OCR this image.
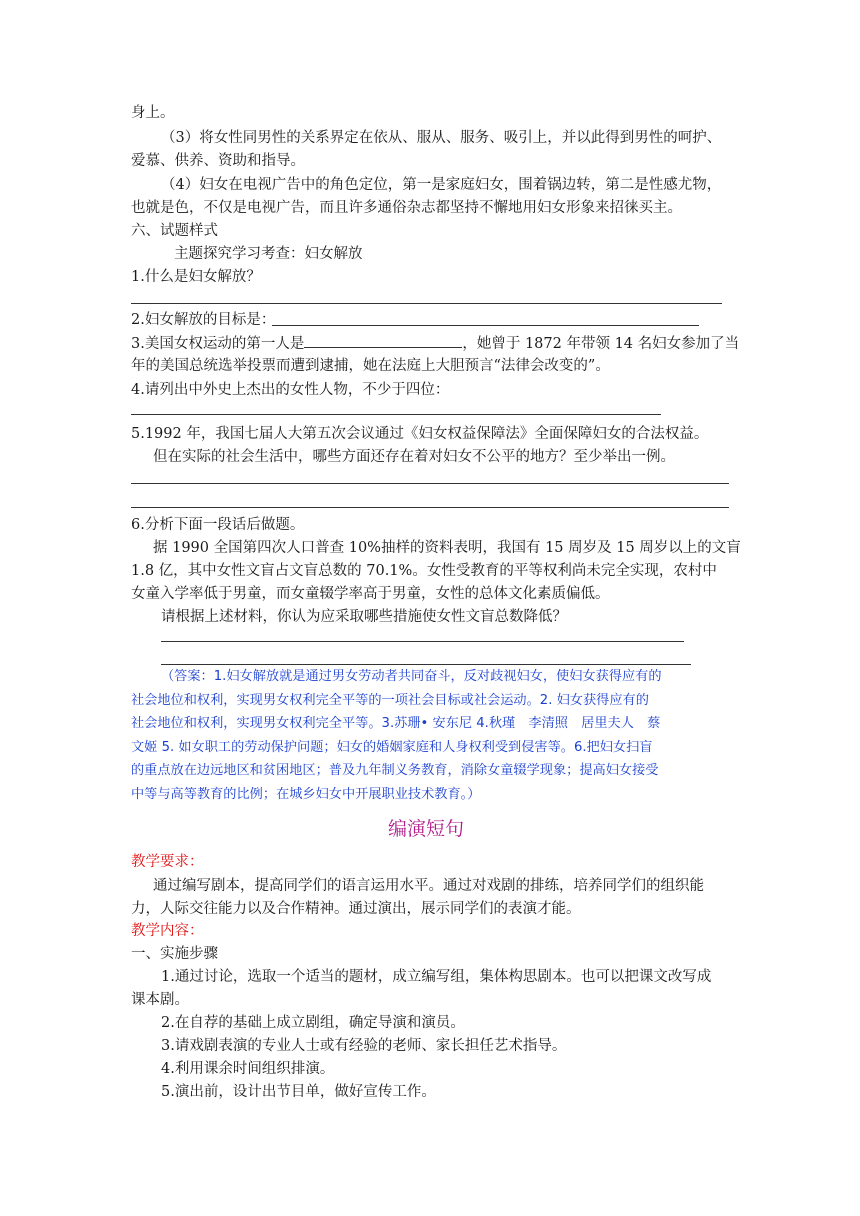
身上。
（3）将女性同男性的关系界定在依从、服从、服务、吸引上，并以此得到男性的呵护、
爱慕、供养、资助和指导。
（4）妇女在电视广告中的角色定位，第一是家庭妇女，围着锅边转，第二是性感尤物，
也就是色，不仅是电视广告，而且许多通俗杂志都坚持不懈地用妇女形象来招徕买主。
六、试题样式
主题探究学习考查：妇女解放
1.什么是妇女解放？
2.妇女解放的目标是：
3.美国女权运动的第一人是	，她曾于 1872 年带领 14 名妇女参加了当
年的美国总统选举投票而遭到逮捕，她在法庭上大胆预言“法律会改变的”。
4.请列出中外史上杰出的女性人物，不少于四位：
5.1992 年，我国七届人大第五次会议通过《妇女权益保障法》全面保障妇女的合法权益。
但在实际的社会生活中，哪些方面还存在着对妇女不公平的地方？至少举出一例。
6.分析下面一段话后做题。
据 1990 全国第四次人口普查 10%抽样的资料表明，我国有 15 周岁及 15 周岁以上的文盲
1.8 亿，其中女性文盲占文盲总数的 70.1%。女性受教育的平等权利尚未完全实现，农村中
女童入学率低于男童，而女童辍学率高于男童，女性的总体文化素质偏低。
请根据上述材料，你认为应采取哪些措施使女性文盲总数降低？
（答案：1.妇女解放就是通过男女劳动者共同奋斗，反对歧视妇女，使妇女获得应有的
社会地位和权利，实现男女权利完全平等的一项社会目标或社会运动。2. 妇女获得应有的
社会地位和权利，实现男女权利完全平等。3.苏珊• 安东尼 4.秋瑾　李清照　居里夫人　蔡
文姬 5. 如女职工的劳动保护问题；妇女的婚姻家庭和人身权利受到侵害等。6.把妇女扫盲
的重点放在边远地区和贫困地区；普及九年制义务教育，消除女童辍学现象；提高妇女接受
中等与高等教育的比例；在城乡妇女中开展职业技术教育。）
编演短句
教学要求：
通过编写剧本，提高同学们的语言运用水平。通过对戏剧的排练，培养同学们的组织能
力，人际交往能力以及合作精神。通过演出，展示同学们的表演才能。
教学内容：
一、实施步骤
1.通过讨论，选取一个适当的题材，成立编写组，集体构思剧本。也可以把课文改写成
课本剧。
2.在自荐的基础上成立剧组，确定导演和演员。
3.请戏剧表演的专业人士或有经验的老师、家长担任艺术指导。
4.利用课余时间组织排演。
5.演出前，设计出节目单，做好宣传工作。
